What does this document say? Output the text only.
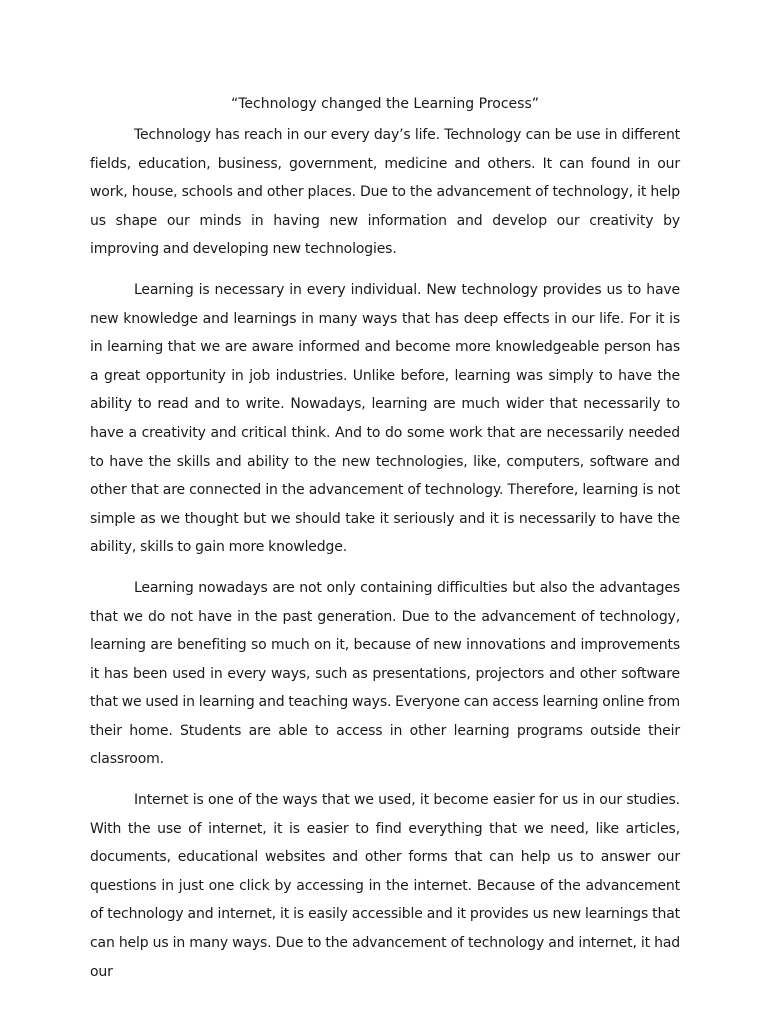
“Technology changed the Learning Process”

Technology has reach in our every day’s life. Technology can be use in different fields, education, business, government, medicine and others. It can found in our work, house, schools and other places. Due to the advancement of technology, it help us shape our minds in having new information and develop our creativity by improving and developing new technologies.

Learning is necessary in every individual. New technology provides us to have new knowledge and learnings in many ways that has deep effects in our life. For it is in learning that we are aware informed and become more knowledgeable person has a great opportunity in job industries. Unlike before, learning was simply to have the ability to read and to write. Nowadays, learning are much wider that necessarily to have a creativity and critical think. And to do some work that are necessarily needed to have the skills and ability to the new technologies, like, computers, software and other that are connected in the advancement of technology. Therefore, learning is not simple as we thought but we should take it seriously and it is necessarily to have the ability, skills to gain more knowledge.

Learning nowadays are not only containing difficulties but also the advantages that we do not have in the past generation. Due to the advancement of technology, learning are benefiting so much on it, because of new innovations and improvements it has been used in every ways, such as presentations, projectors and other software that we used in learning and teaching ways. Everyone can access learning online from their home. Students are able to access in other learning programs outside their classroom.

Internet is one of the ways that we used, it become easier for us in our studies. With the use of internet, it is easier to find everything that we need, like articles, documents, educational websites and other forms that can help us to answer our questions in just one click by accessing in the internet. Because of the advancement of technology and internet, it is easily accessible and it provides us new learnings that can help us in many ways. Due to the advancement of technology and internet, it had our
